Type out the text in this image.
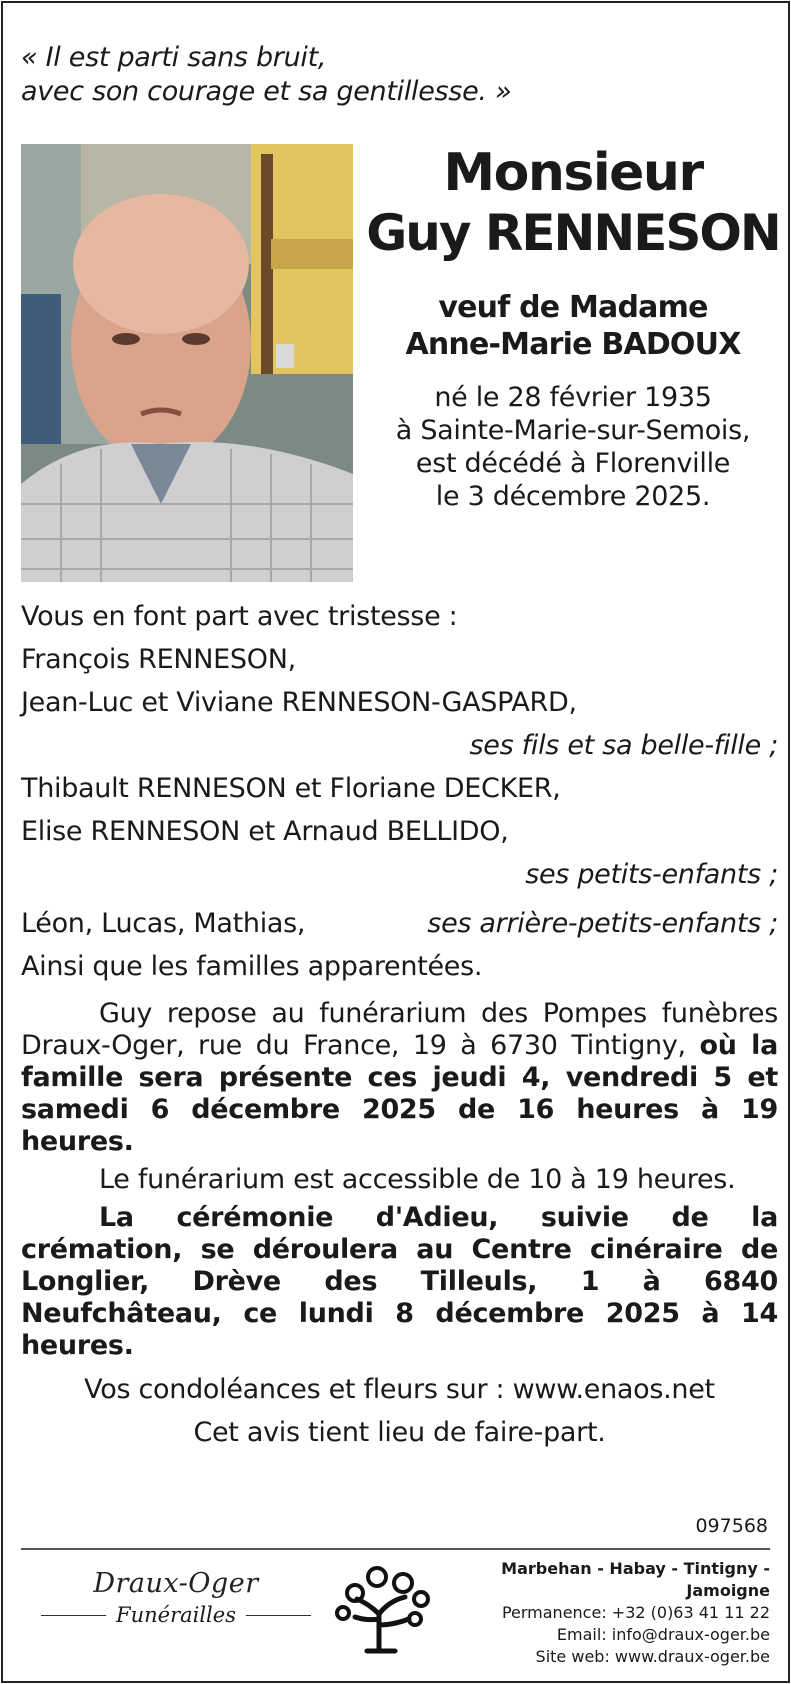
« Il est parti sans bruit,
avec son courage et sa gentillesse. »
Monsieur
Guy RENNESON
veuf de Madame
Anne-Marie BADOUX
né le 28 février 1935
à Sainte-Marie-sur-Semois,
est décédé à Florenville
le 3 décembre 2025.
Vous en font part avec tristesse :
François RENNESON,
Jean-Luc et Viviane RENNESON-GASPARD,
ses fils et sa belle-fille ;
Thibault RENNESON et Floriane DECKER,
Elise RENNESON et Arnaud BELLIDO,
ses petits-enfants ;
Léon, Lucas, Mathias,	ses arrière-petits-enfants ;
Ainsi que les familles apparentées.
Guy repose au funérarium des Pompes funèbres Draux-Oger, rue du France, 19 à 6730 Tintigny, où la famille sera présente ces jeudi 4, vendredi 5 et samedi 6 décembre 2025 de 16 heures à 19 heures.
Le funérarium est accessible de 10 à 19 heures.
La cérémonie d'Adieu, suivie de la crémation, se déroulera au Centre cinéraire de Longlier, Drève des Tilleuls, 1 à 6840 Neufchâteau, ce lundi 8 décembre 2025 à 14 heures.
Vos condoléances et fleurs sur : www.enaos.net
Cet avis tient lieu de faire-part.
097568
Draux-Oger
Funérailles
Marbehan - Habay - Tintigny - Jamoigne
Permanence: +32 (0)63 41 11 22
Email: info@draux-oger.be
Site web: www.draux-oger.be
